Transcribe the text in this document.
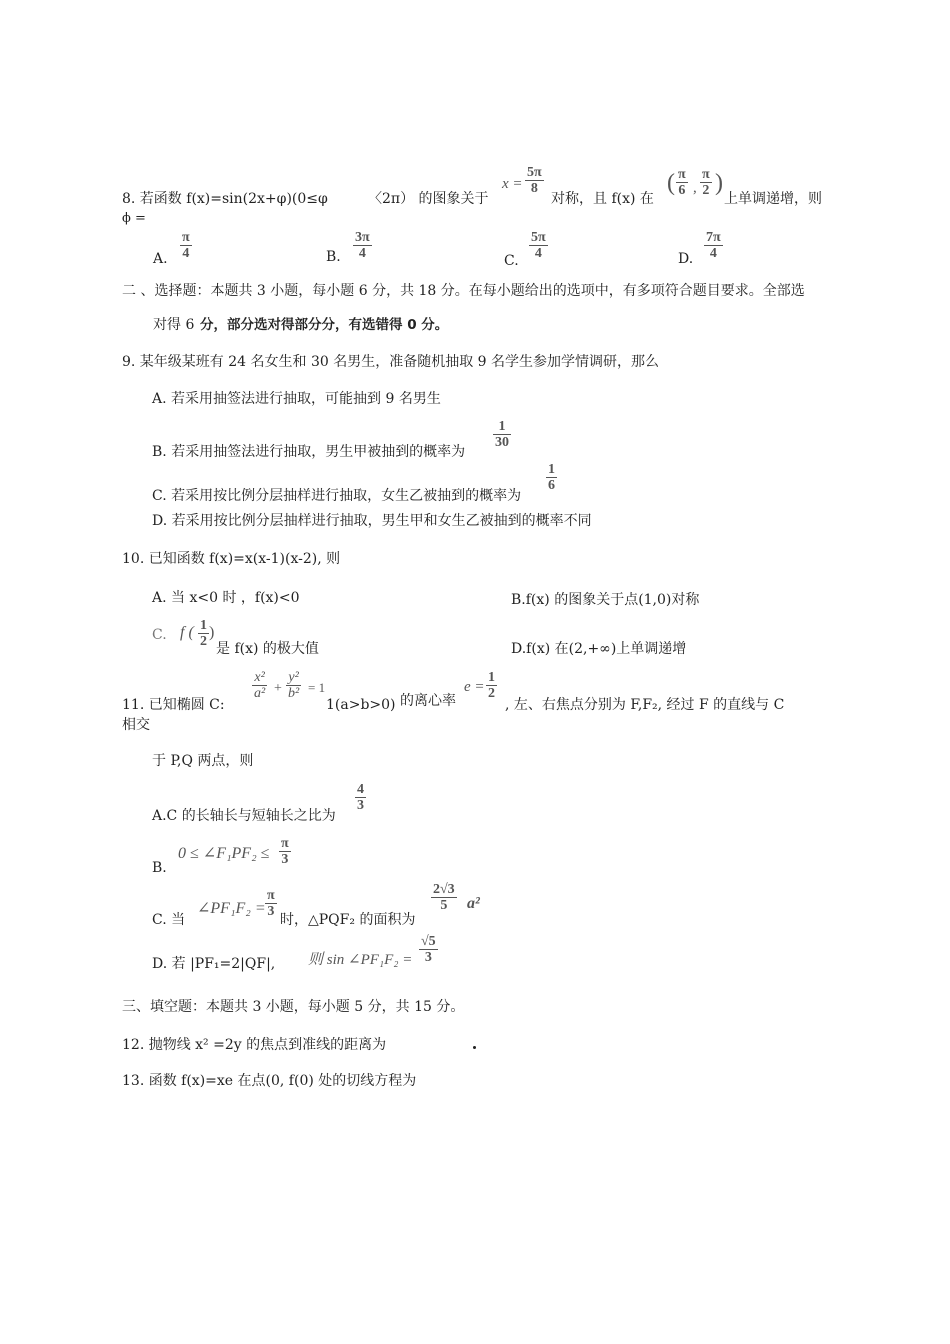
8. 若函数 f(x)=sin(2x+φ)(0≤φ	〈2π） 的图象关于
x =
5π
8
对称，且 f(x) 在
( π
6 ,
π
2 )
上单调递增，则
ϕ =
A.
π
4	B.
3π
4	C.
5π
4	D.
7π
4
二 、选择题：本题共 3 小题，每小题 6 分，共 18 分。在每小题给出的选项中，有多项符合题目要求。全部选
对得 6 分，部分选对得部分分，有选错得 0 分。
9. 某年级某班有 24 名女生和 30 名男生，准备随机抽取 9 名学生参加学情调研，那么
A. 若采用抽签法进行抽取，可能抽到 9 名男生
B. 若采用抽签法进行抽取，男生甲被抽到的概率为
1
30
C. 若采用按比例分层抽样进行抽取，女生乙被抽到的概率为
1
6
D. 若采用按比例分层抽样进行抽取，男生甲和女生乙被抽到的概率不同
10. 已知函数 f(x)=x(x-1)(x-2), 则
A. 当 x<0 时 ，f(x)<0	B.f(x) 的图象关于点(1,0)对称
C. f ( 1
2
)
是 f(x) 的极大值	D.f(x) 在(2,+∞)上单调递增
11. 已知椭圆 C:
x²
a² +
y²
b² = 1
1(a>b>0) 的离心率
e =
1
2
, 左、右焦点分别为 F,F₂, 经过 F 的直线与 C
相交
于 P,Q 两点，则
A.C 的长轴长与短轴长之比为
4
3
B.
0 ≤ ∠F₁PF₂ ≤
π
3
C. 当
∠PF₁F₂ =
π
3
时，△PQF₂ 的面积为
2√3
5 a²
D. 若 |PF₁=2|QF|, 则 sin ∠PF₁F₂ =
√5
3
三、填空题：本题共 3 小题，每小题 5 分，共 15 分。
12. 抛物线 x² =2y 的焦点到准线的距离为
13. 函数 f(x)=xe 在点(0, f(0) 处的切线方程为
